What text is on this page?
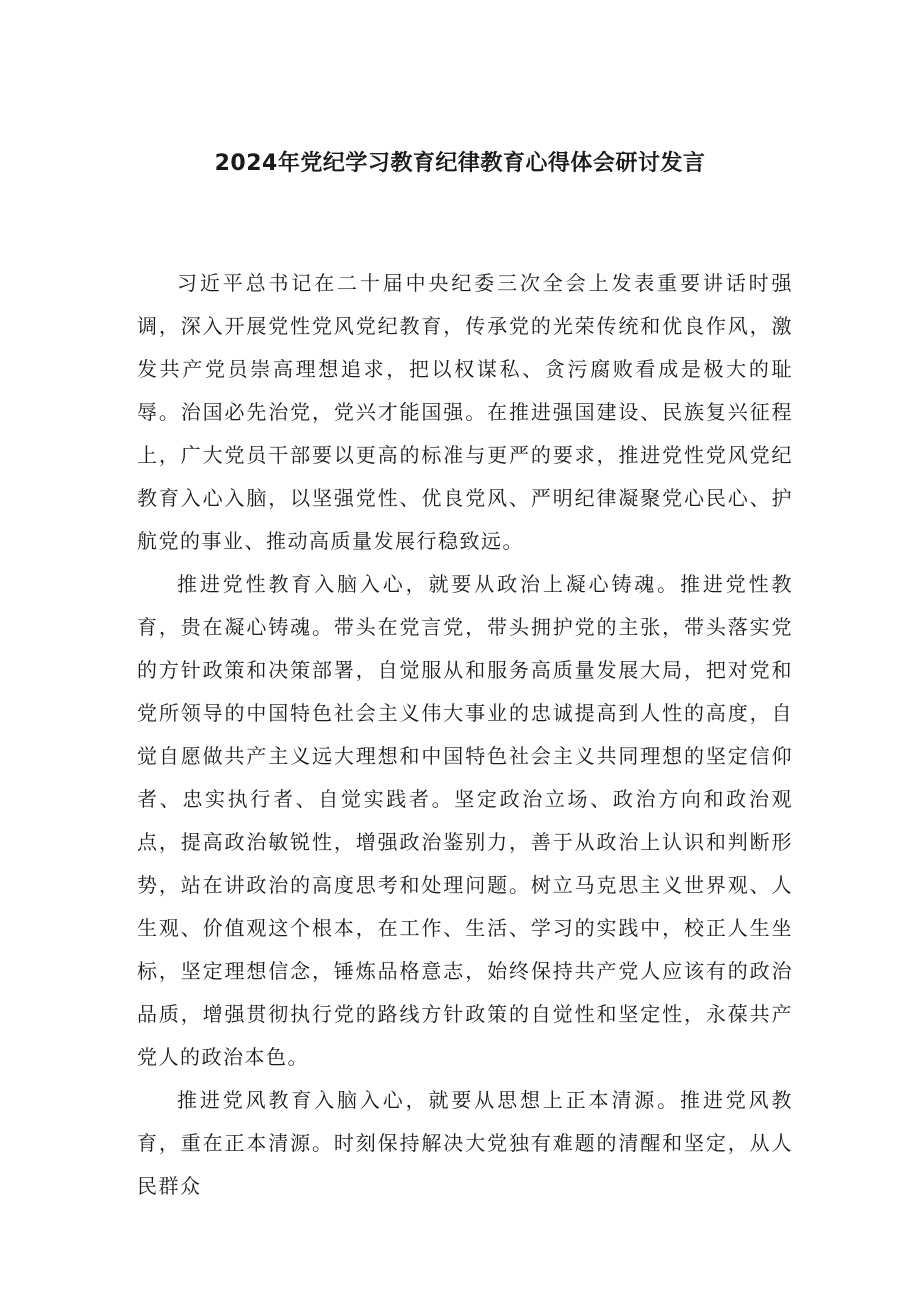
2024年党纪学习教育纪律教育心得体会研讨发言

习近平总书记在二十届中央纪委三次全会上发表重要讲话时强调，深入开展党性党风党纪教育，传承党的光荣传统和优良作风，激发共产党员崇高理想追求，把以权谋私、贪污腐败看成是极大的耻辱。治国必先治党，党兴才能国强。在推进强国建设、民族复兴征程上，广大党员干部要以更高的标准与更严的要求，推进党性党风党纪教育入心入脑，以坚强党性、优良党风、严明纪律凝聚党心民心、护航党的事业、推动高质量发展行稳致远。

推进党性教育入脑入心，就要从政治上凝心铸魂。推进党性教育，贵在凝心铸魂。带头在党言党，带头拥护党的主张，带头落实党的方针政策和决策部署，自觉服从和服务高质量发展大局，把对党和党所领导的中国特色社会主义伟大事业的忠诚提高到人性的高度，自觉自愿做共产主义远大理想和中国特色社会主义共同理想的坚定信仰者、忠实执行者、自觉实践者。坚定政治立场、政治方向和政治观点，提高政治敏锐性，增强政治鉴别力，善于从政治上认识和判断形势，站在讲政治的高度思考和处理问题。树立马克思主义世界观、人生观、价值观这个根本，在工作、生活、学习的实践中，校正人生坐标，坚定理想信念，锤炼品格意志，始终保持共产党人应该有的政治品质，增强贯彻执行党的路线方针政策的自觉性和坚定性，永葆共产党人的政治本色。

推进党风教育入脑入心，就要从思想上正本清源。推进党风教育，重在正本清源。时刻保持解决大党独有难题的清醒和坚定，从人民群众
